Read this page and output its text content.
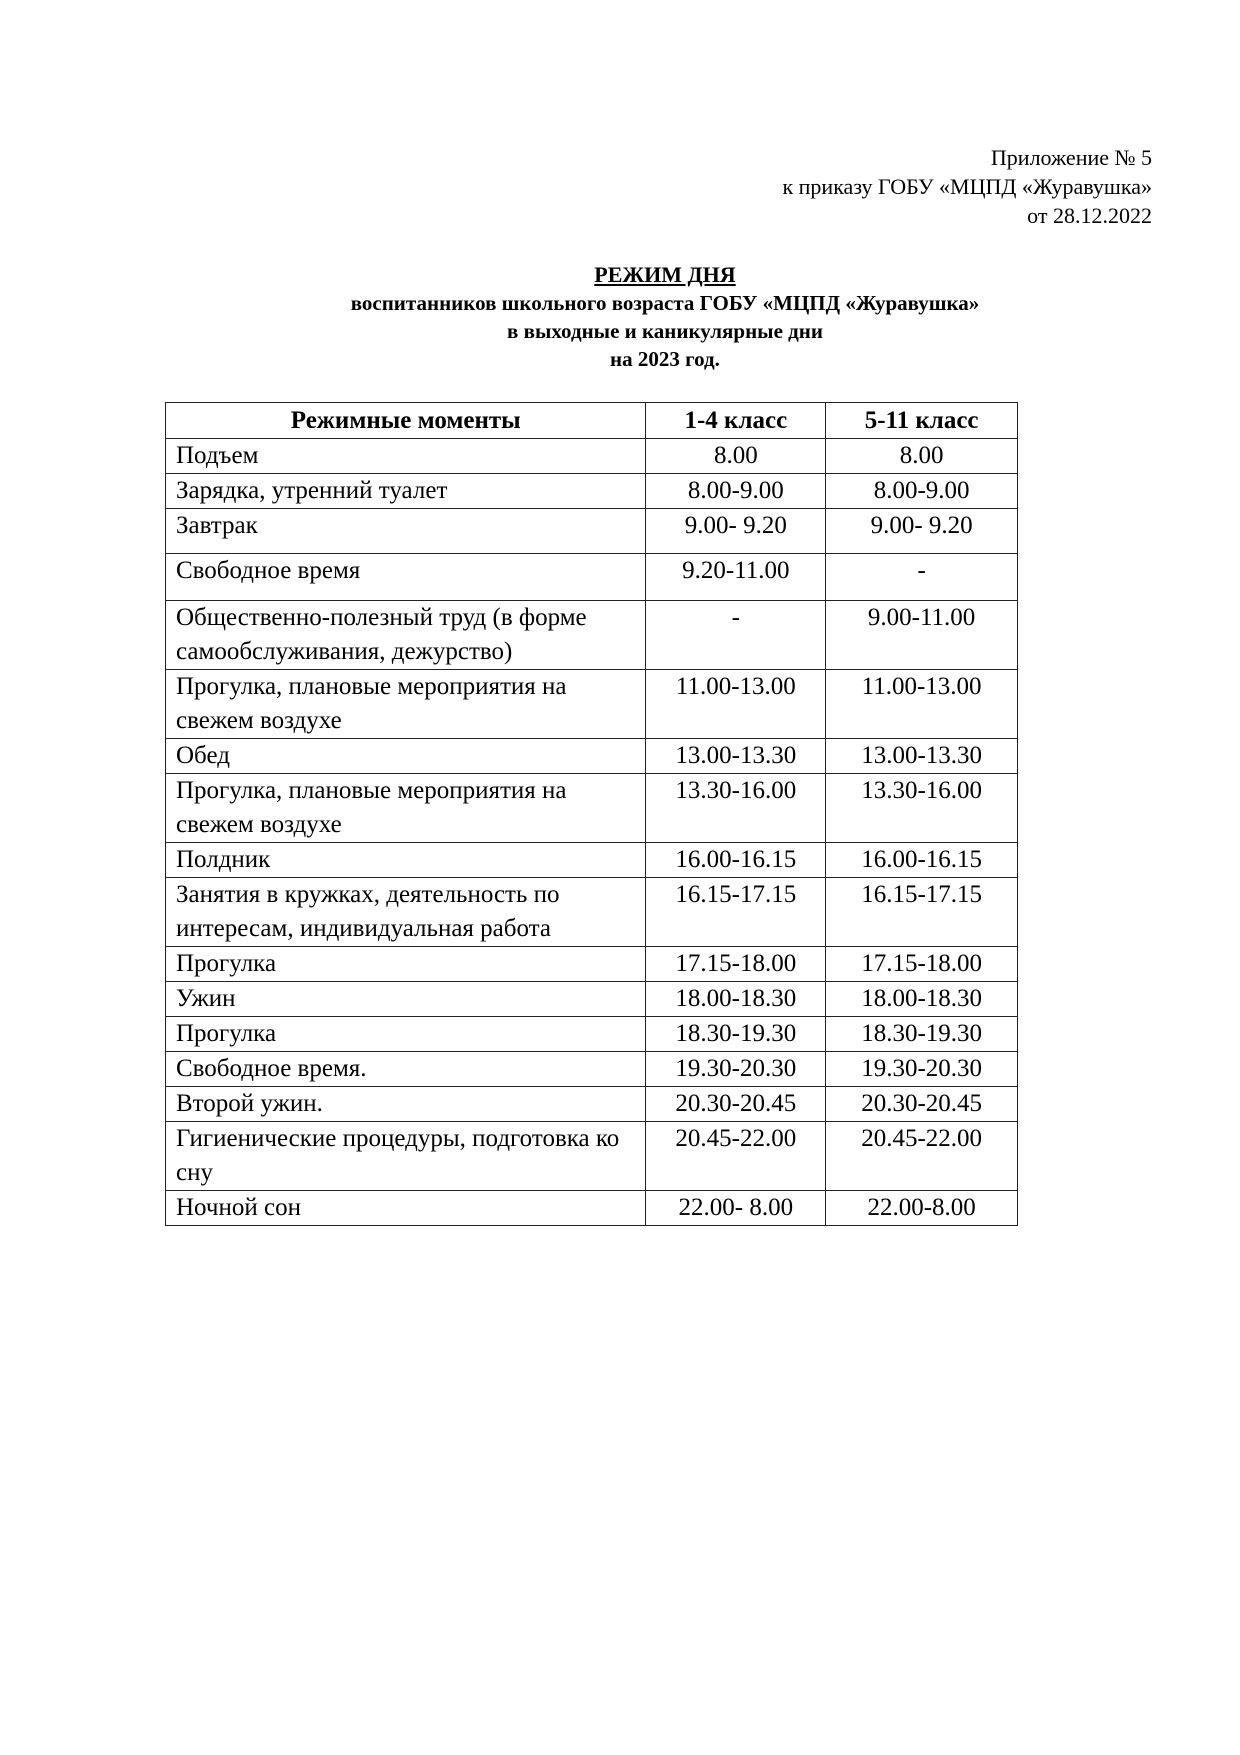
Приложение № 5
к приказу ГОБУ «МЦПД «Журавушка»
от 28.12.2022
РЕЖИМ ДНЯ
воспитанников школьного возраста ГОБУ «МЦПД «Журавушка»
в выходные и каникулярные дни
на 2023 год.
Режимные моменты	1-4 класс	5-11 класс
Подъем	8.00	8.00
Зарядка, утренний туалет	8.00-9.00	8.00-9.00
Завтрак	9.00- 9.20	9.00- 9.20
Свободное время	9.20-11.00	-
Общественно-полезный труд (в форме самообслуживания, дежурство)	-	9.00-11.00
Прогулка, плановые мероприятия на свежем воздухе	11.00-13.00	11.00-13.00
Обед	13.00-13.30	13.00-13.30
Прогулка, плановые мероприятия на свежем воздухе	13.30-16.00	13.30-16.00
Полдник	16.00-16.15	16.00-16.15
Занятия в кружках, деятельность по интересам, индивидуальная работа	16.15-17.15	16.15-17.15
Прогулка	17.15-18.00	17.15-18.00
Ужин	18.00-18.30	18.00-18.30
Прогулка	18.30-19.30	18.30-19.30
Свободное время.	19.30-20.30	19.30-20.30
Второй ужин.	20.30-20.45	20.30-20.45
Гигиенические процедуры, подготовка ко сну	20.45-22.00	20.45-22.00
Ночной сон	22.00- 8.00	22.00-8.00
